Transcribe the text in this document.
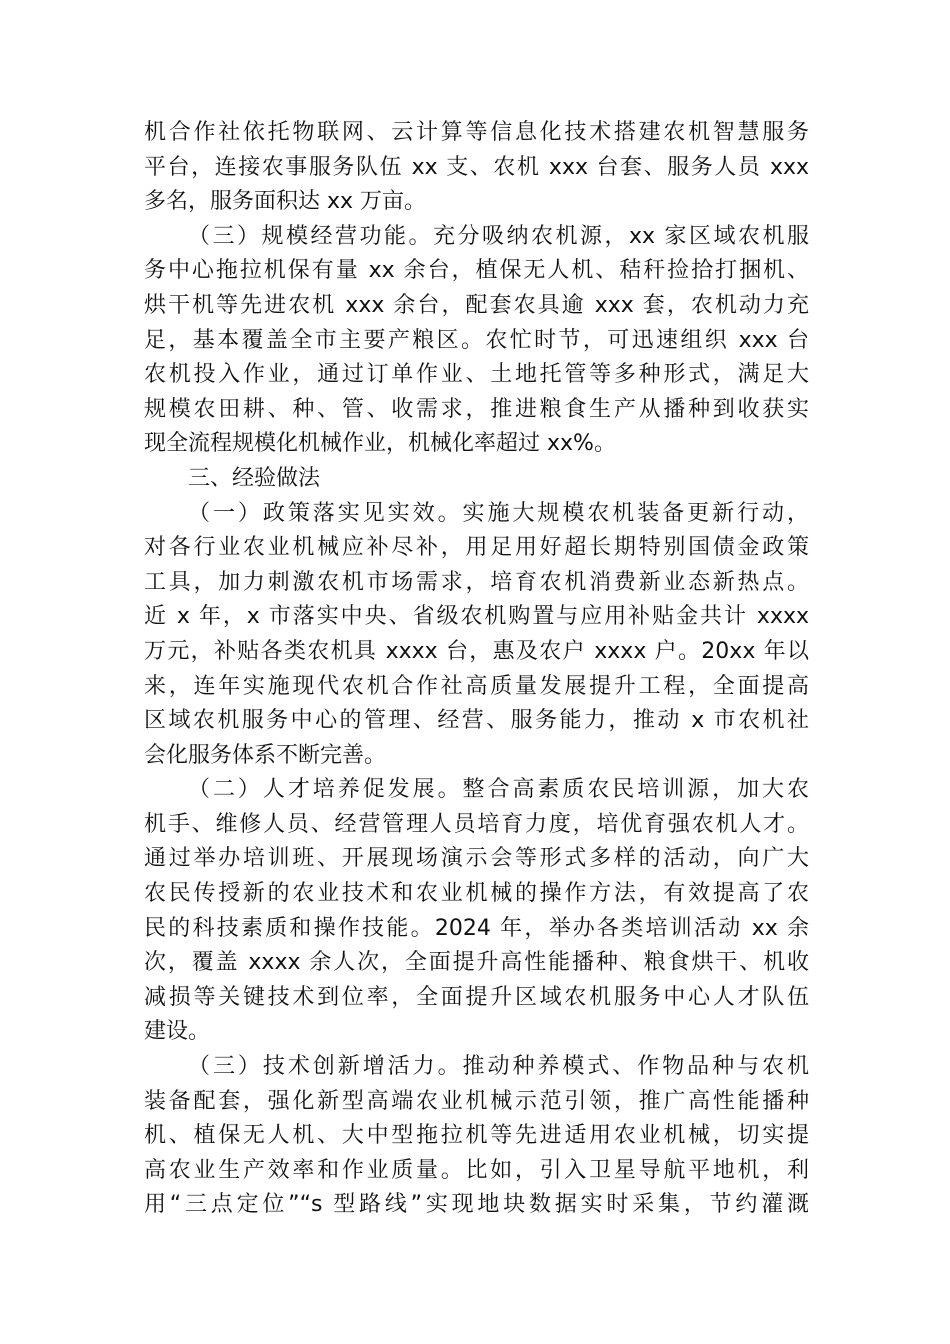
机合作社依托物联网、云计算等信息化技术搭建农机智慧服务
平台，连接农事服务队伍 xx 支、农机 xxx 台套、服务人员 xxx
多名，服务面积达 xx 万亩。
（三）规模经营功能。充分吸纳农机源，xx 家区域农机服
务中心拖拉机保有量 xx 余台，植保无人机、秸秆捡拾打捆机、
烘干机等先进农机 xxx 余台，配套农具逾 xxx 套，农机动力充
足，基本覆盖全市主要产粮区。农忙时节，可迅速组织 xxx 台
农机投入作业，通过订单作业、土地托管等多种形式，满足大
规模农田耕、种、管、收需求，推进粮食生产从播种到收获实
现全流程规模化机械作业，机械化率超过 xx%。
三、经验做法
（一）政策落实见实效。实施大规模农机装备更新行动，
对各行业农业机械应补尽补，用足用好超长期特别国债金政策
工具，加力刺激农机市场需求，培育农机消费新业态新热点。
近 x 年，x 市落实中央、省级农机购置与应用补贴金共计 xxxx
万元，补贴各类农机具 xxxx 台，惠及农户 xxxx 户。20xx 年以
来，连年实施现代农机合作社高质量发展提升工程，全面提高
区域农机服务中心的管理、经营、服务能力，推动 x 市农机社
会化服务体系不断完善。
（二）人才培养促发展。整合高素质农民培训源，加大农
机手、维修人员、经营管理人员培育力度，培优育强农机人才。
通过举办培训班、开展现场演示会等形式多样的活动，向广大
农民传授新的农业技术和农业机械的操作方法，有效提高了农
民的科技素质和操作技能。2024 年，举办各类培训活动 xx 余
次，覆盖 xxxx 余人次，全面提升高性能播种、粮食烘干、机收
减损等关键技术到位率，全面提升区域农机服务中心人才队伍
建设。
（三）技术创新增活力。推动种养模式、作物品种与农机
装备配套，强化新型高端农业机械示范引领，推广高性能播种
机、植保无人机、大中型拖拉机等先进适用农业机械，切实提
高农业生产效率和作业质量。比如，引入卫星导航平地机，利
用“三点定位”“s 型路线”实现地块数据实时采集，节约灌溉
